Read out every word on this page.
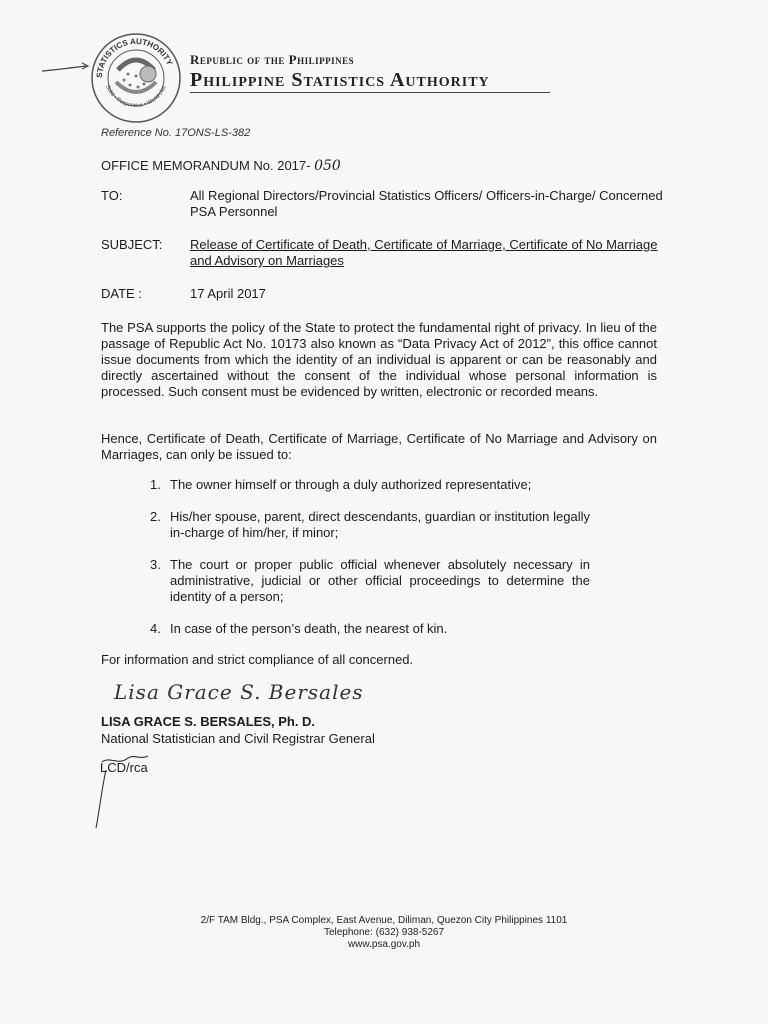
STATISTICS AUTHORITY
Solid • Responsive • World-clas
Republic of the Philippines
Philippine Statistics Authority
Reference No. 17ONS-LS-382
OFFICE MEMORANDUM No. 2017- 050
TO:	All Regional Directors/Provincial Statistics Officers/ Officers-in-Charge/ Concerned PSA Personnel
SUBJECT: Release of Certificate of Death, Certificate of Marriage, Certificate of No Marriage and Advisory on Marriages
DATE :	17 April 2017
The PSA supports the policy of the State to protect the fundamental right of privacy. In lieu of the passage of Republic Act No. 10173 also known as “Data Privacy Act of 2012”, this office cannot issue documents from which the identity of an individual is apparent or can be reasonably and directly ascertained without the consent of the individual whose personal information is processed. Such consent must be evidenced by written, electronic or recorded means.
Hence, Certificate of Death, Certificate of Marriage, Certificate of No Marriage and Advisory on Marriages, can only be issued to:
1. The owner himself or through a duly authorized representative;
2. His/her spouse, parent, direct descendants, guardian or institution legally in-charge of him/her, if minor;
3. The court or proper public official whenever absolutely necessary in administrative, judicial or other official proceedings to determine the identity of a person;
4. In case of the person’s death, the nearest of kin.
For information and strict compliance of all concerned.
Lisa Grace S. Bersales
LISA GRACE S. BERSALES, Ph. D.
National Statistician and Civil Registrar General
LCD/rca
2/F TAM Bldg., PSA Complex, East Avenue, Diliman, Quezon City Philippines 1101
Telephone: (632) 938-5267
www.psa.gov.ph
